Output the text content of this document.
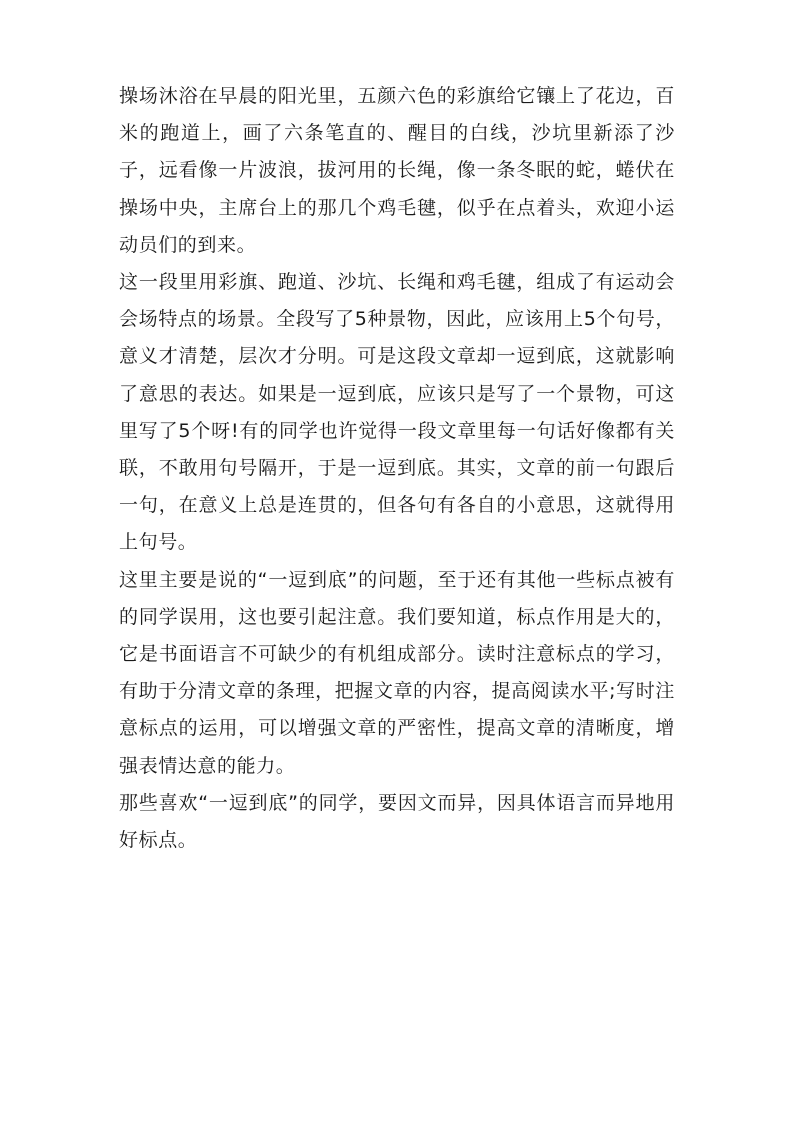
操场沐浴在早晨的阳光里，五颜六色的彩旗给它镶上了花边，百米的跑道上，画了六条笔直的、醒目的白线，沙坑里新添了沙子，远看像一片波浪，拔河用的长绳，像一条冬眠的蛇，蜷伏在操场中央，主席台上的那几个鸡毛毽，似乎在点着头，欢迎小运动员们的到来。

这一段里用彩旗、跑道、沙坑、长绳和鸡毛毽，组成了有运动会会场特点的场景。全段写了5种景物，因此，应该用上5个句号，意义才清楚，层次才分明。可是这段文章却一逗到底，这就影响了意思的表达。如果是一逗到底，应该只是写了一个景物，可这里写了5个呀!有的同学也许觉得一段文章里每一句话好像都有关联，不敢用句号隔开，于是一逗到底。其实，文章的前一句跟后一句，在意义上总是连贯的，但各句有各自的小意思，这就得用上句号。

这里主要是说的“一逗到底”的问题，至于还有其他一些标点被有的同学误用，这也要引起注意。我们要知道，标点作用是大的，它是书面语言不可缺少的有机组成部分。读时注意标点的学习，有助于分清文章的条理，把握文章的内容，提高阅读水平;写时注意标点的运用，可以增强文章的严密性，提高文章的清晰度，增强表情达意的能力。

那些喜欢“一逗到底”的同学，要因文而异，因具体语言而异地用好标点。
